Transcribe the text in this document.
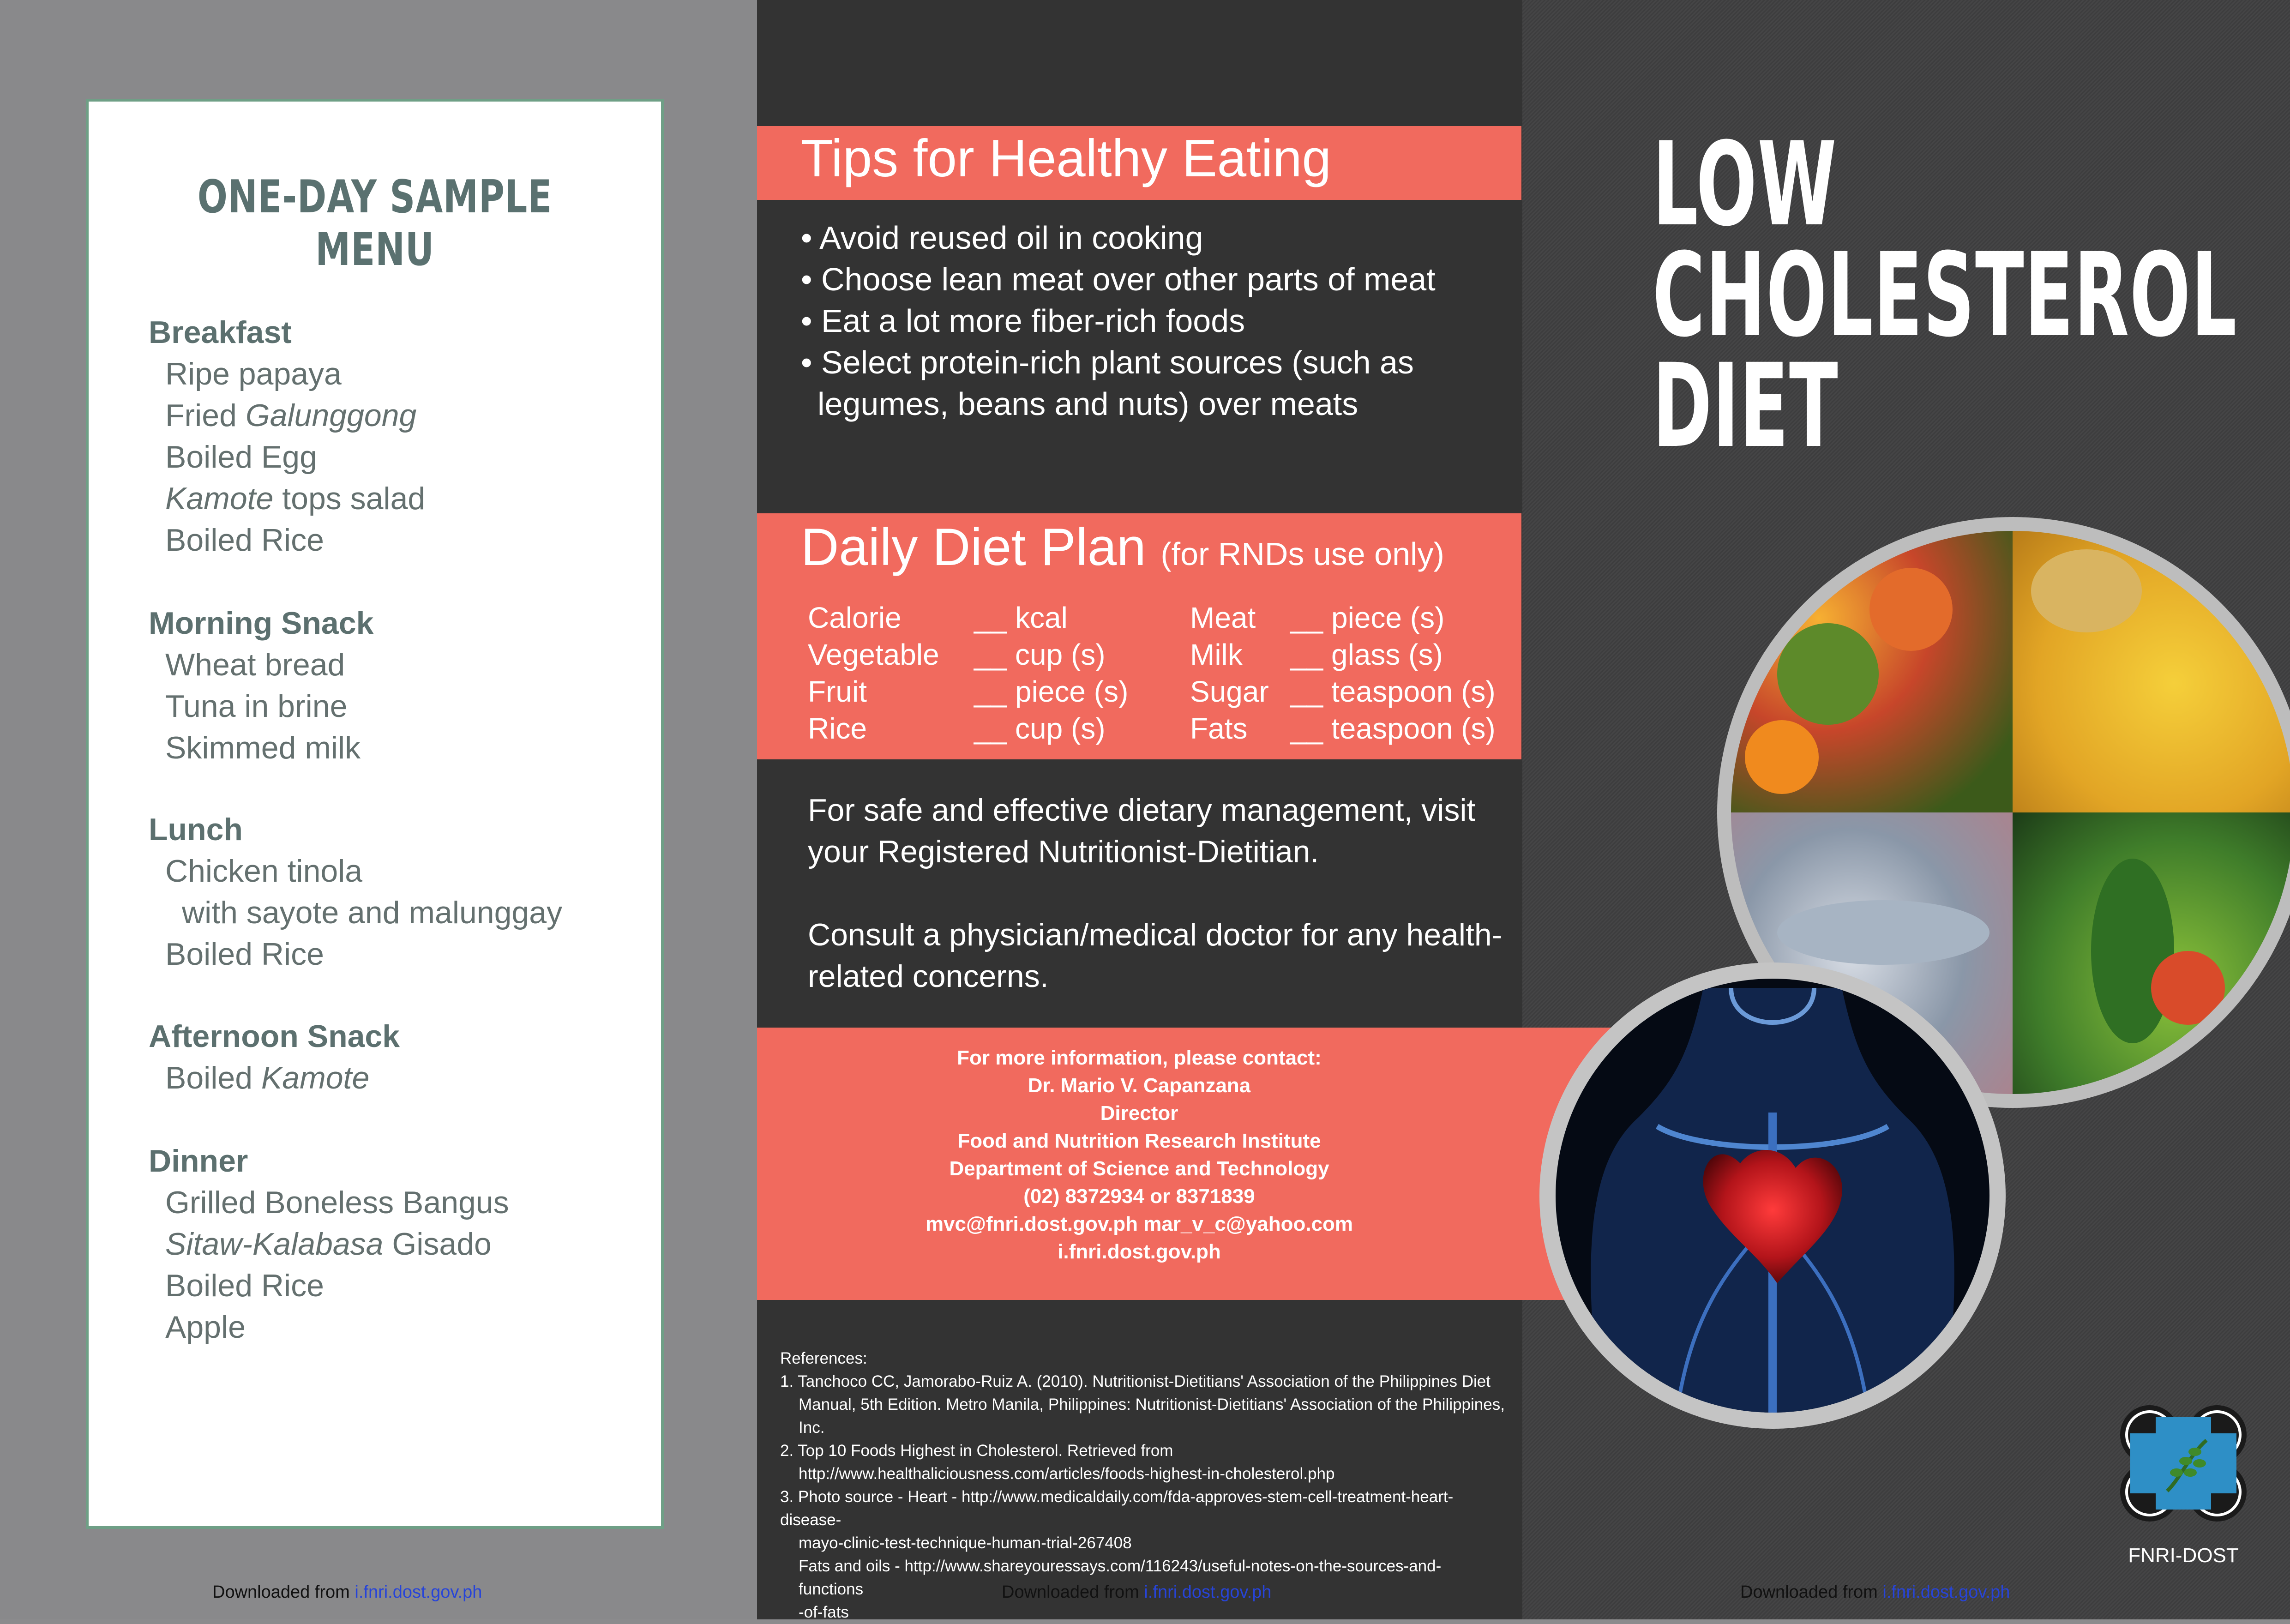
ONE-DAY SAMPLE MENU
Breakfast
Ripe papaya
Fried Galunggong
Boiled Egg
Kamote tops salad
Boiled Rice
Morning Snack
Wheat bread
Tuna in brine
Skimmed milk
Lunch
Chicken tinola
with sayote and malunggay
Boiled Rice
Afternoon Snack
Boiled Kamote
Dinner
Grilled Boneless Bangus
Sitaw-Kalabasa Gisado
Boiled Rice
Apple
Downloaded from i.fnri.dost.gov.ph
Tips for Healthy Eating
• Avoid reused oil in cooking
• Choose lean meat over other parts of meat
• Eat a lot more fiber-rich foods
• Select protein-rich plant sources (such as legumes, beans and nuts) over meats
Daily Diet Plan (for RNDs use only)
Calorie __ kcal
Vegetable __ cup (s)
Fruit	__ piece (s)
Rice	__ cup (s)
Meat __ piece (s)
Milk __ glass (s)
Sugar __ teaspoon (s)
Fats __ teaspoon (s)
For safe and effective dietary management, visit your Registered Nutritionist-Dietitian.
Consult a physician/medical doctor for any health-related concerns.
For more information, please contact:
Dr. Mario V. Capanzana
Director
Food and Nutrition Research Institute
Department of Science and Technology
(02) 8372934 or 8371839
mvc@fnri.dost.gov.ph mar_v_c@yahoo.com
i.fnri.dost.gov.ph
References:
1. Tanchoco CC, Jamorabo-Ruiz A. (2010). Nutritionist-Dietitians' Association of the Philippines Diet
Manual, 5th Edition. Metro Manila, Philippines: Nutritionist-Dietitians' Association of the Philippines,
Inc.
2. Top 10 Foods Highest in Cholesterol. Retrieved from
http://www.healthaliciousness.com/articles/foods-highest-in-cholesterol.php
3. Photo source - Heart - http://www.medicaldaily.com/fda-approves-stem-cell-treatment-heart-disease-
mayo-clinic-test-technique-human-trial-267408
Fats and oils - http://www.shareyouressays.com/116243/useful-notes-on-the-sources-and-functions
-of-fats
Downloaded from i.fnri.dost.gov.ph
LOW
CHOLESTEROL
DIET
FNRI-DOST
Downloaded from i.fnri.dost.gov.ph
